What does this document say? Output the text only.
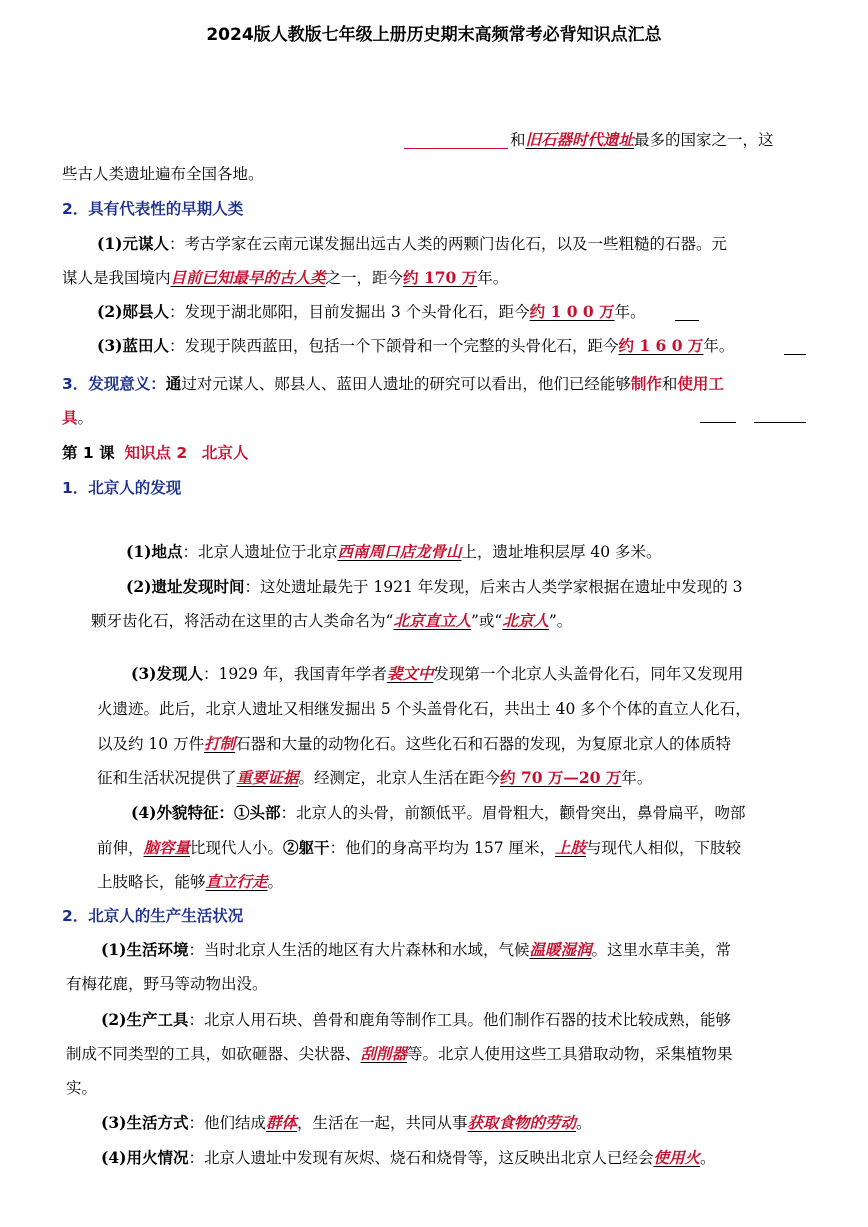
2024版人教版七年级上册历史期末高频常考必背知识点汇总
和旧石器时代遗址最多的国家之一，这
些古人类遗址遍布全国各地。
2．具有代表性的早期人类
(1)元谋人：考古学家在云南元谋发掘出远古人类的两颗门齿化石，以及一些粗糙的石器。元
谋人是我国境内目前已知最早的古人类之一，距今约 170 万年。
(2)郧县人：发现于湖北郧阳，目前发掘出 3 个头骨化石，距今约 1 0 0 万年。
(3)蓝田人：发现于陕西蓝田，包括一个下颌骨和一个完整的头骨化石，距今约 1 6 0 万年。
3．发现意义：通过对元谋人、郧县人、蓝田人遗址的研究可以看出，他们已经能够制作和使用工
具。
第 1 课 知识点 2 北京人
1．北京人的发现
(1)地点：北京人遗址位于北京西南周口店龙骨山上，遗址堆积层厚 40 多米。
(2)遗址发现时间：这处遗址最先于 1921 年发现，后来古人类学家根据在遗址中发现的 3
颗牙齿化石，将活动在这里的古人类命名为“北京直立人”或“北京人”。
(3)发现人：1929 年，我国青年学者裴文中发现第一个北京人头盖骨化石，同年又发现用
火遗迹。此后，北京人遗址又相继发掘出 5 个头盖骨化石，共出土 40 多个个体的直立人化石，
以及约 10 万件打制石器和大量的动物化石。这些化石和石器的发现，为复原北京人的体质特
征和生活状况提供了重要证据。经测定，北京人生活在距今约 70 万—20 万年。
(4)外貌特征：①头部：北京人的头骨，前额低平。眉骨粗大，颧骨突出，鼻骨扁平，吻部
前伸，脑容量比现代人小。②躯干：他们的身高平均为 157 厘米，上肢与现代人相似，下肢较
上肢略长，能够直立行走。
2．北京人的生产生活状况
(1)生活环境：当时北京人生活的地区有大片森林和水域，气候温暖湿润。这里水草丰美，常
有梅花鹿，野马等动物出没。
(2)生产工具：北京人用石块、兽骨和鹿角等制作工具。他们制作石器的技术比较成熟，能够
制成不同类型的工具，如砍砸器、尖状器、刮削器等。北京人使用这些工具猎取动物，采集植物果
实。
(3)生活方式：他们结成群体，生活在一起，共同从事获取食物的劳动。
(4)用火情况：北京人遗址中发现有灰烬、烧石和烧骨等，这反映出北京人已经会使用火。
